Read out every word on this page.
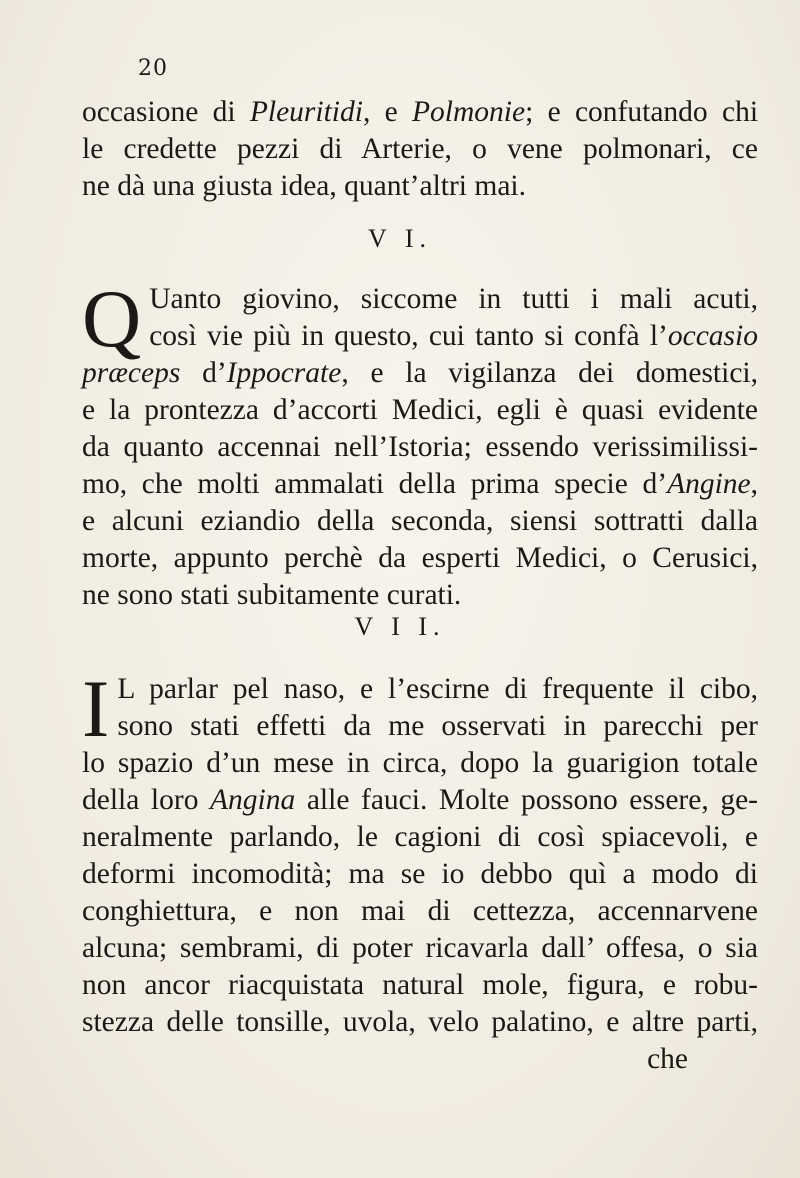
20
occasione di Pleuritidi, e Polmonie; e confutando chi
le credette pezzi di Arterie, o vene polmonari, ce
ne dà una giusta idea, quant’altri mai.
V I.
Q Uanto giovino, siccome in tutti i mali acuti,
così vie più in questo, cui tanto si confà l’occasio
præceps d’Ippocrate, e la vigilanza dei domestici,
e la prontezza d’accorti Medici, egli è quasi evidente
da quanto accennai nell’Istoria; essendo verissimilissi-
mo, che molti ammalati della prima specie d’Angine,
e alcuni eziandio della seconda, siensi sottratti dalla
morte, appunto perchè da esperti Medici, o Cerusici,
ne sono stati subitamente curati.
V I I.
I L parlar pel naso, e l’escirne di frequente il cibo,
sono stati effetti da me osservati in parecchi per
lo spazio d’un mese in circa, dopo la guarigion totale
della loro Angina alle fauci. Molte possono essere, ge-
neralmente parlando, le cagioni di così spiacevoli, e
deformi incomodità; ma se io debbo quì a modo di
conghiettura, e non mai di cettezza, accennarvene
alcuna; sembrami, di poter ricavarla dall’ offesa, o sia
non ancor riacquistata natural mole, figura, e robu-
stezza delle tonsille, uvola, velo palatino, e altre parti,
che
